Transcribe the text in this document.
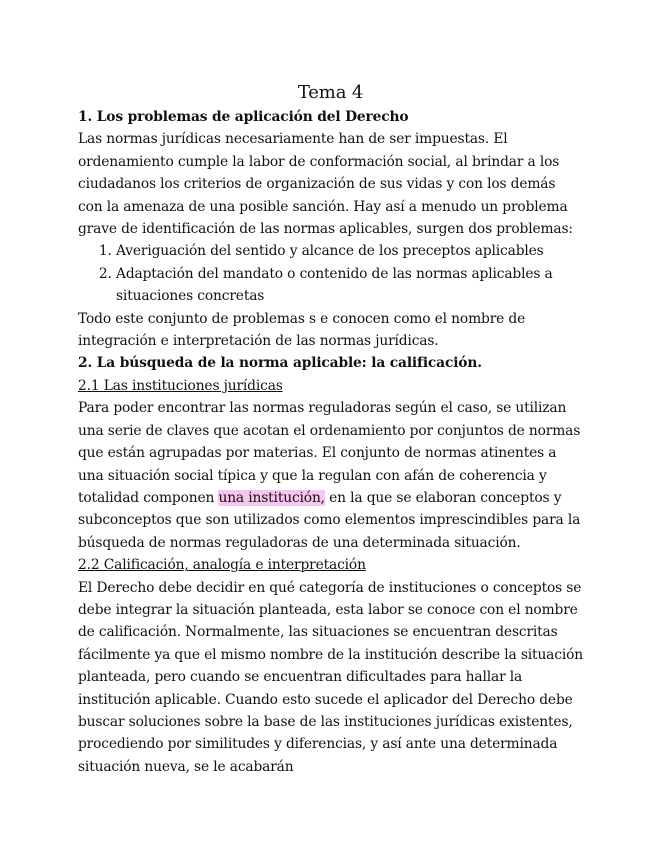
Tema 4

1. Los problemas de aplicación del Derecho

Las normas jurídicas necesariamente han de ser impuestas. El ordenamiento cumple la labor de conformación social, al brindar a los ciudadanos los criterios de organización de sus vidas y con los demás con la amenaza de una posible sanción. Hay así a menudo un problema grave de identificación de las normas aplicables, surgen dos problemas:

1. Averiguación del sentido y alcance de los preceptos aplicables
2. Adaptación del mandato o contenido de las normas aplicables a situaciones concretas

Todo este conjunto de problemas s e conocen como el nombre de integración e interpretación de las normas jurídicas.

2. La búsqueda de la norma aplicable: la calificación.

2.1 Las instituciones jurídicas

Para poder encontrar las normas reguladoras según el caso, se utilizan una serie de claves que acotan el ordenamiento por conjuntos de normas que están agrupadas por materias. El conjunto de normas atinentes a una situación social típica y que la regulan con afán de coherencia y totalidad componen una institución, en la que se elaboran conceptos y subconceptos que son utilizados como elementos imprescindibles para la búsqueda de normas reguladoras de una determinada situación.

2.2 Calificación, analogía e interpretación

El Derecho debe decidir en qué categoría de instituciones o conceptos se debe integrar la situación planteada, esta labor se conoce con el nombre de calificación. Normalmente, las situaciones se encuentran descritas fácilmente ya que el mismo nombre de la institución describe la situación planteada, pero cuando se encuentran dificultades para hallar la institución aplicable. Cuando esto sucede el aplicador del Derecho debe buscar soluciones sobre la base de las instituciones jurídicas existentes, procediendo por similitudes y diferencias, y así ante una determinada situación nueva, se le acabarán
